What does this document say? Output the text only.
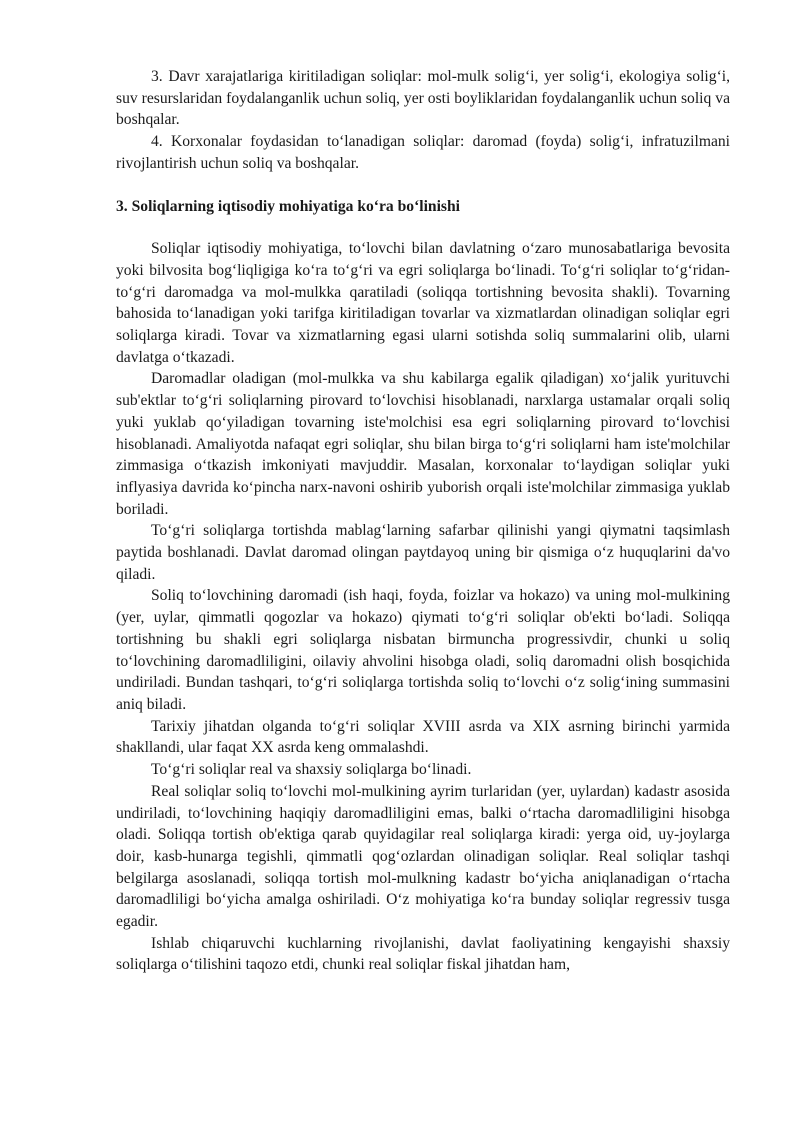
3. Davr xarajatlariga kiritiladigan soliqlar: mol-mulk solig‘i, yer solig‘i, ekologiya solig‘i, suv resurslaridan foydalanganlik uchun soliq, yer osti boyliklaridan foydalanganlik uchun soliq va boshqalar.

4. Korxonalar foydasidan to‘lanadigan soliqlar: daromad (foyda) solig‘i, infratuzilmani rivojlantirish uchun soliq va boshqalar.

3. Soliqlarning iqtisodiy mohiyatiga ko‘ra bo‘linishi

Soliqlar iqtisodiy mohiyatiga, to‘lovchi bilan davlatning o‘zaro munosabatlariga bevosita yoki bilvosita bog‘liqligiga ko‘ra to‘g‘ri va egri soliqlarga bo‘linadi. To‘g‘ri soliqlar to‘g‘ridan-to‘g‘ri daromadga va mol-mulkka qaratiladi (soliqqa tortishning bevosita shakli). Tovarning bahosida to‘lanadigan yoki tarifga kiritiladigan tovarlar va xizmatlardan olinadigan soliqlar egri soliqlarga kiradi. Tovar va xizmatlarning egasi ularni sotishda soliq summalarini olib, ularni davlatga o‘tkazadi.

Daromadlar oladigan (mol-mulkka va shu kabilarga egalik qiladigan) xo‘jalik yurituvchi sub'ektlar to‘g‘ri soliqlarning pirovard to‘lovchisi hisoblanadi, narxlarga ustamalar orqali soliq yuki yuklab qo‘yiladigan tovarning iste'molchisi esa egri soliqlarning pirovard to‘lovchisi hisoblanadi. Amaliyotda nafaqat egri soliqlar, shu bilan birga to‘g‘ri soliqlarni ham iste'molchilar zimmasiga o‘tkazish imkoniyati mavjuddir. Masalan, korxonalar to‘laydigan soliqlar yuki inflyasiya davrida ko‘pincha narx-navoni oshirib yuborish orqali iste'molchilar zimmasiga yuklab boriladi.

To‘g‘ri soliqlarga tortishda mablag‘larning safarbar qilinishi yangi qiymatni taqsimlash paytida boshlanadi. Davlat daromad olingan paytdayoq uning bir qismiga o‘z huquqlarini da'vo qiladi.

Soliq to‘lovchining daromadi (ish haqi, foyda, foizlar va hokazo) va uning mol-mulkining (yer, uylar, qimmatli qogozlar va hokazo) qiymati to‘g‘ri soliqlar ob'ekti bo‘ladi. Soliqqa tortishning bu shakli egri soliqlarga nisbatan birmuncha progressivdir, chunki u soliq to‘lovchining daromadliligini, oilaviy ahvolini hisobga oladi, soliq daromadni olish bosqichida undiriladi. Bundan tashqari, to‘g‘ri soliqlarga tortishda soliq to‘lovchi o‘z solig‘ining summasini aniq biladi.

Tarixiy jihatdan olganda to‘g‘ri soliqlar XVIII asrda va XIX asrning birinchi yarmida shakllandi, ular faqat XX asrda keng ommalashdi.

To‘g‘ri soliqlar real va shaxsiy soliqlarga bo‘linadi.

Real soliqlar soliq to‘lovchi mol-mulkining ayrim turlaridan (yer, uylardan) kadastr asosida undiriladi, to‘lovchining haqiqiy daromadliligini emas, balki o‘rtacha daromadliligini hisobga oladi. Soliqqa tortish ob'ektiga qarab quyidagilar real soliqlarga kiradi: yerga oid, uy-joylarga doir, kasb-hunarga tegishli, qimmatli qog‘ozlardan olinadigan soliqlar. Real soliqlar tashqi belgilarga asoslanadi, soliqqa tortish mol-mulkning kadastr bo‘yicha aniqlanadigan o‘rtacha daromadliligi bo‘yicha amalga oshiriladi. O‘z mohiyatiga ko‘ra bunday soliqlar regressiv tusga egadir.

Ishlab chiqaruvchi kuchlarning rivojlanishi, davlat faoliyatining kengayishi shaxsiy soliqlarga o‘tilishini taqozo etdi, chunki real soliqlar fiskal jihatdan ham,
